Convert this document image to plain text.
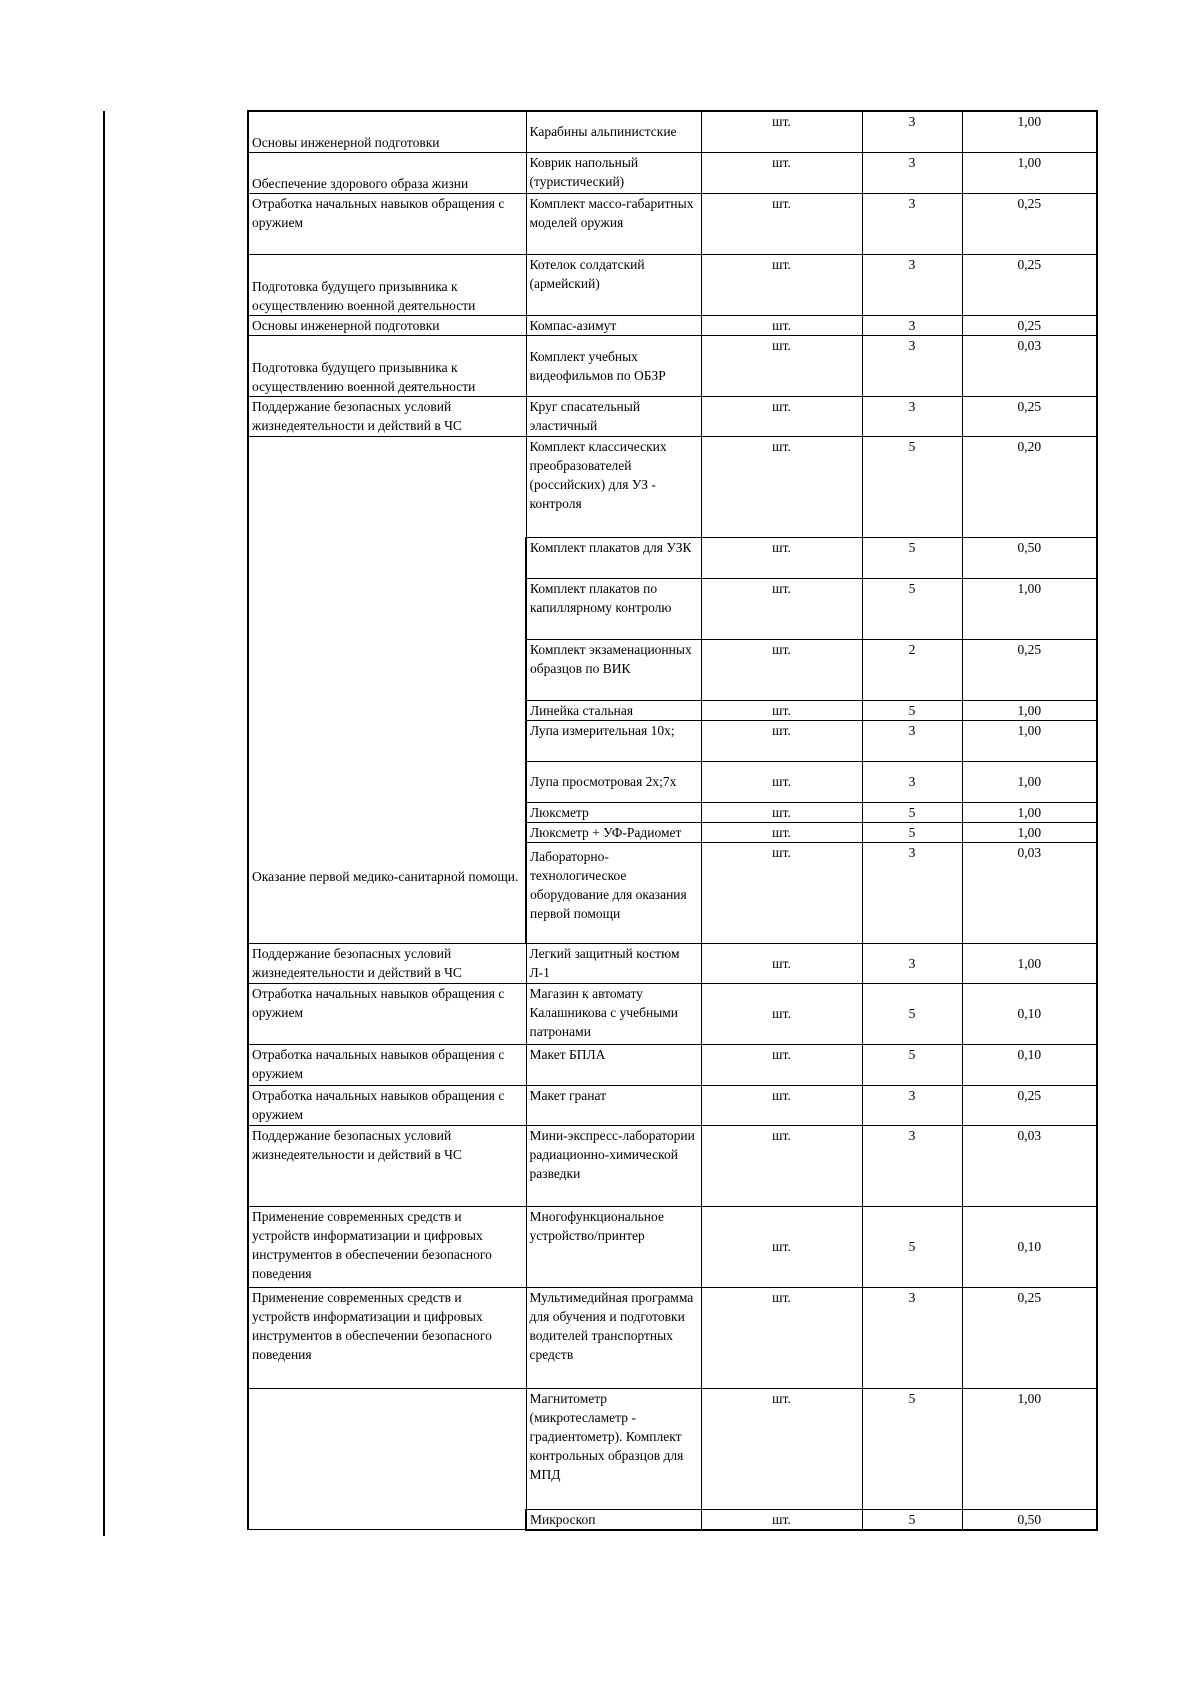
Основы инженерной подготовки	Карабины альпинистские	шт.	3	1,00

Обеспечение здорового образа жизни	Коврик напольный (туристический)	шт.	3	1,00

Отработка начальных навыков обращения с оружием	Комплект массо-габаритных моделей оружия	шт.	3	0,25

Подготовка будущего призывника к осуществлению военной деятельности	Котелок солдатский (армейский)	шт.	3	0,25

Основы инженерной подготовки	Компас-азимут	шт.	3	0,25

Подготовка будущего призывника к осуществлению военной деятельности	Комплект учебных видеофильмов по ОБЗР	шт.	3	0,03

Поддержание безопасных условий жизнедеятельности и действий в ЧС	Круг спасательный эластичный	шт.	3	0,25

Оказание первой медико-санитарной помощи.	Комплект классических преобразователей (российских) для УЗ - контроля	шт.	5	0,20

	Комплект плакатов для УЗК	шт.	5	0,50

	Комплект плакатов по капиллярному контролю	шт.	5	1,00

	Комплект экзаменационных образцов по ВИК	шт.	2	0,25

	Линейка стальная	шт.	5	1,00

	Лупа измерительная 10х;	шт.	3	1,00

	Лупа просмотровая 2х;7х	шт.	3	1,00

	Люксметр	шт.	5	1,00

	Люксметр + УФ-Радиомет	шт.	5	1,00

	Лабораторно-технологическое оборудование для оказания первой помощи	шт.	3	0,03

Поддержание безопасных условий жизнедеятельности и действий в ЧС	Легкий защитный костюм Л-1	шт.	3	1,00

Отработка начальных навыков обращения с оружием	Магазин к автомату Калашникова с учебными патронами	шт.	5	0,10

Отработка начальных навыков обращения с оружием	Макет БПЛА	шт.	5	0,10

Отработка начальных навыков обращения с оружием	Макет гранат	шт.	3	0,25

Поддержание безопасных условий жизнедеятельности и действий в ЧС	Мини-экспресс-лаборатории радиационно-химической разведки	шт.	3	0,03

Применение современных средств и устройств информатизации и цифровых инструментов в обеспечении безопасного поведения	Многофункциональное устройство/принтер	шт.	5	0,10

Применение современных средств и устройств информатизации и цифровых инструментов в обеспечении безопасного поведения	Мультимедийная программа для обучения и подготовки водителей транспортных средств	шт.	3	0,25

	Магнитометр (микротесламетр - градиентометр). Комплект контрольных образцов для МПД	шт.	5	1,00

	Микроскоп	шт.	5	0,50
